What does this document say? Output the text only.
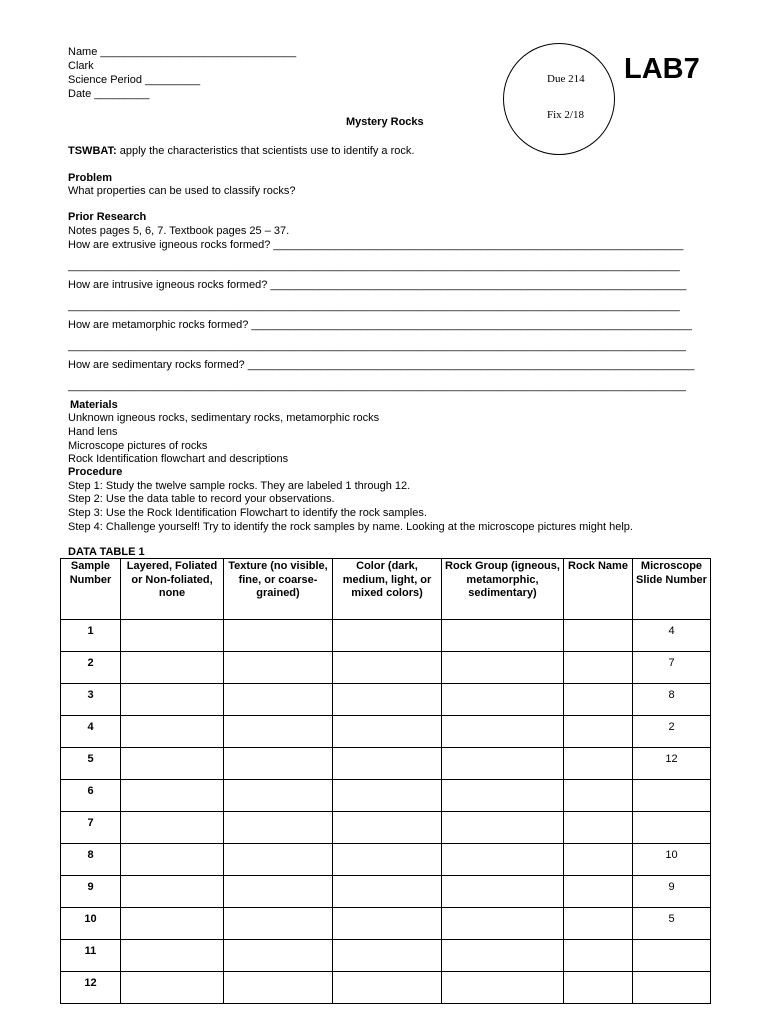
Name ________________________________
Clark
Science Period _________
Date _________
Due 214
Fix 2/18
LAB7
Mystery Rocks
TSWBAT: apply the characteristics that scientists use to identify a rock.
Problem
What properties can be used to classify rocks?
Prior Research
Notes pages 5, 6, 7. Textbook pages 25 – 37.
How are extrusive igneous rocks formed? ___________________________________________________________________
____________________________________________________________________________________________________
How are intrusive igneous rocks formed? ____________________________________________________________________
____________________________________________________________________________________________________
How are metamorphic rocks formed? ________________________________________________________________________
_____________________________________________________________________________________________________
How are sedimentary rocks formed? _________________________________________________________________________
_____________________________________________________________________________________________________
Materials
Unknown igneous rocks, sedimentary rocks, metamorphic rocks
Hand lens
Microscope pictures of rocks
Rock Identification flowchart and descriptions
Procedure
Step 1: Study the twelve sample rocks. They are labeled 1 through 12.
Step 2: Use the data table to record your observations.
Step 3: Use the Rock Identification Flowchart to identify the rock samples.
Step 4: Challenge yourself! Try to identify the rock samples by name. Looking at the microscope pictures might help.
DATA TABLE 1
Sample Number	Layered, Foliated or Non-foliated, none	Texture (no visible, fine, or coarse-grained)	Color (dark, medium, light, or mixed colors)	Rock Group (igneous, metamorphic, sedimentary)	Rock Name	Microscope Slide Number
1						4
2						7
3						8
4						2
5						12
6						
7						
8						10
9						9
10						5
11						
12						
